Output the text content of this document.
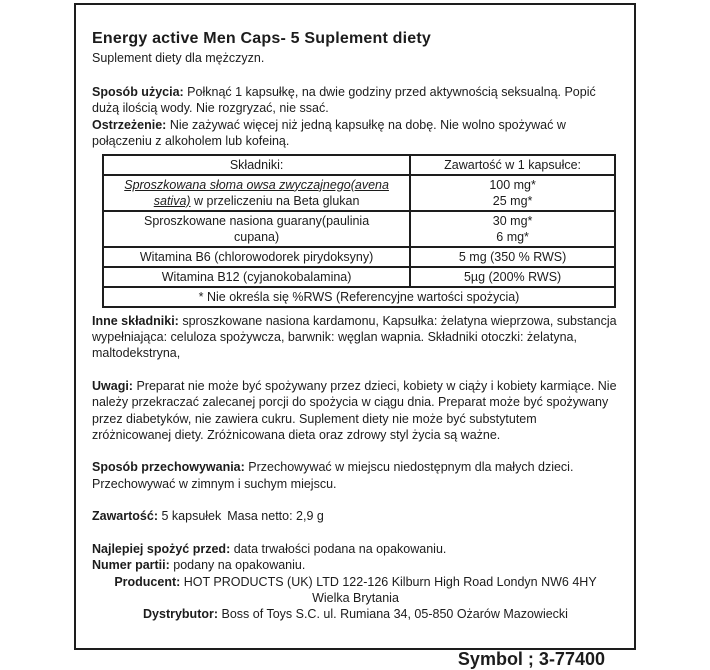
Energy active Men Caps- 5 Suplement diety

Suplement diety dla mężczyzn.

Sposób użycia: Połknąć 1 kapsułkę, na dwie godziny przed aktywnością seksualną. Popić dużą ilością wody. Nie rozgryzać, nie ssać.

Ostrzeżenie: Nie zażywać więcej niż jedną kapsułkę na dobę. Nie wolno spożywać w połączeniu z alkoholem lub kofeiną.

Składniki:	Zawartość w 1 kapsułce:
Sproszkowana słoma owsa zwyczajnego(avena sativa) w przeliczeniu na Beta glukan	100 mg*
25 mg*

Sproszkowane nasiona guarany(paulinia cupana)	30 mg*
6 mg*

Witamina B6 (chlorowodorek pirydoksyny)	5 mg (350 % RWS)
Witamina B12 (cyjanokobalamina)	5µg (200% RWS)
* Nie określa się %RWS (Referencyjne wartości spożycia)	

Inne składniki: sproszkowane nasiona kardamonu, Kapsułka: żelatyna wieprzowa, substancja wypełniająca: celuloza spożywcza, barwnik: węglan wapnia. Składniki otoczki: żelatyna, maltodekstryna,

Uwagi: Preparat nie może być spożywany przez dzieci, kobiety w ciąży i kobiety karmiące. Nie należy przekraczać zalecanej porcji do spożycia w ciągu dnia. Preparat może być spożywany przez diabetyków, nie zawiera cukru. Suplement diety nie może być substytutem zróżnicowanej diety. Zróżnicowana dieta oraz zdrowy styl życia są ważne.

Sposób przechowywania: Przechowywać w miejscu niedostępnym dla małych dzieci. Przechowywać w zimnym i suchym miejscu.

Zawartość: 5 kapsułek Masa netto: 2,9 g

Najlepiej spożyć przed: data trwałości podana na opakowaniu.

Numer partii: podany na opakowaniu.

Producent: HOT PRODUCTS (UK) LTD 122-126 Kilburn High Road Londyn NW6 4HY
Wielka Brytania
Dystrybutor: Boss of Toys S.C. ul. Rumiana 34, 05-850 Ożarów Mazowiecki
Symbol ; 3-77400
